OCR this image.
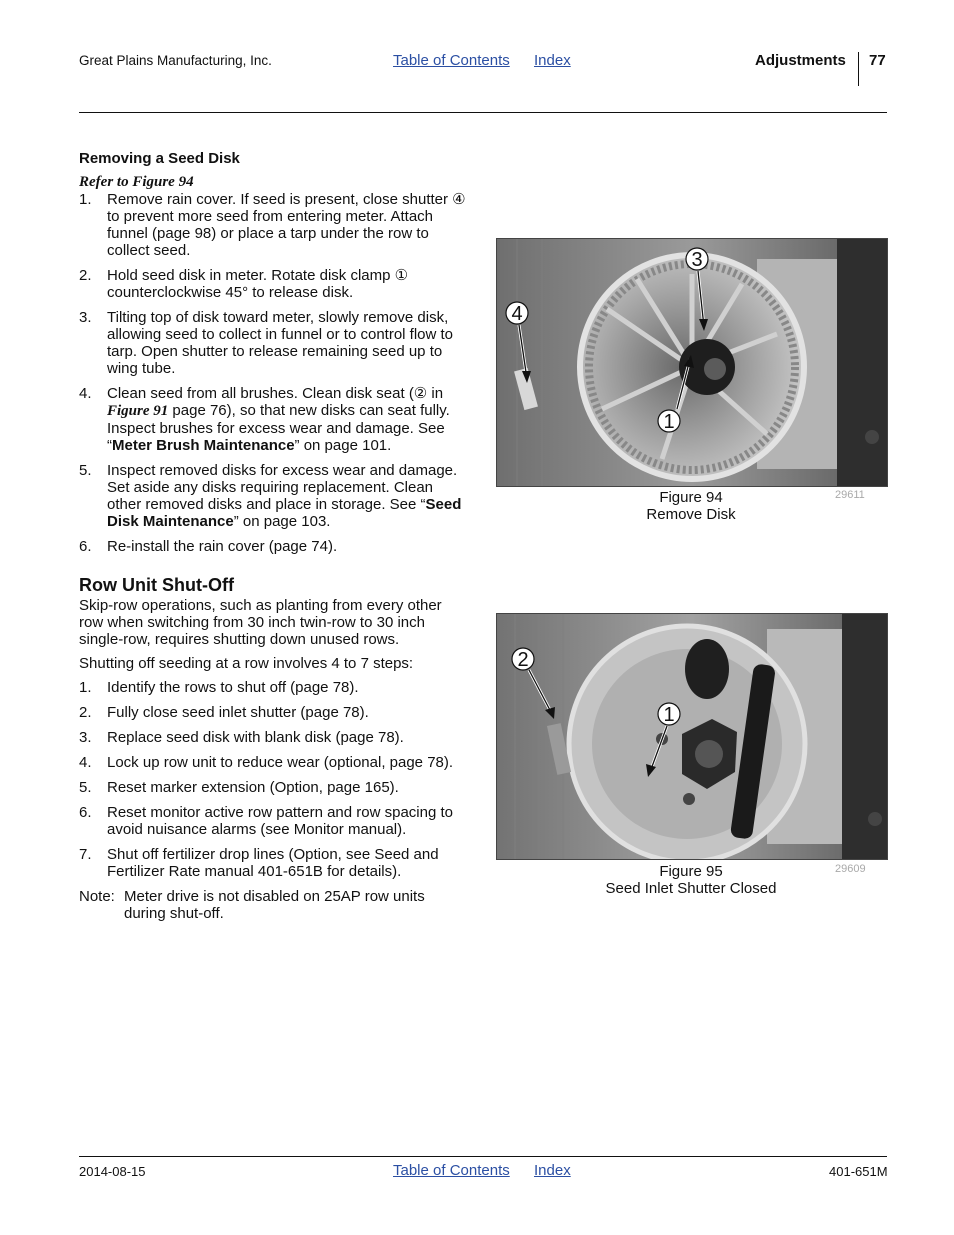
Great Plains Manufacturing, Inc.	Table of Contents Index	Adjustments 77
Removing a Seed Disk
Refer to Figure 94
1. Remove rain cover. If seed is present, close shutter ④ to prevent more seed from entering meter. Attach funnel (page 98) or place a tarp under the row to collect seed.
2. Hold seed disk in meter. Rotate disk clamp ① counterclockwise 45° to release disk.
3. Tilting top of disk toward meter, slowly remove disk, allowing seed to collect in funnel or to control flow to tarp. Open shutter to release remaining seed up to wing tube.
4. Clean seed from all brushes. Clean disk seat (② in Figure 91 page 76), so that new disks can seat fully. Inspect brushes for excess wear and damage. See “Meter Brush Maintenance” on page 101.
5. Inspect removed disks for excess wear and damage. Set aside any disks requiring replacement. Clean other removed disks and place in storage. See “Seed Disk Maintenance” on page 103.
6. Re-install the rain cover (page 74).
Row Unit Shut-Off

Skip-row operations, such as planting from every other row when switching from 30 inch twin-row to 30 inch single-row, requires shutting down unused rows.

Shutting off seeding at a row involves 4 to 7 steps:

1. Identify the rows to shut off (page 78).
2. Fully close seed inlet shutter (page 78).
3. Replace seed disk with blank disk (page 78).
4. Lock up row unit to reduce wear (optional, page 78).
5. Reset marker extension (Option, page 165).
6. Reset monitor active row pattern and row spacing to avoid nuisance alarms (see Monitor manual).
7. Shut off fertilizer drop lines (Option, see Seed and Fertilizer Rate manual 401-651B for details).
Note: Meter drive is not disabled on 25AP row units during shut-off.
3
4
1
Figure 94
Remove Disk
29611
2
1
Figure 95
Seed Inlet Shutter Closed
29609
2014-08-15	Table of Contents Index	401-651M
